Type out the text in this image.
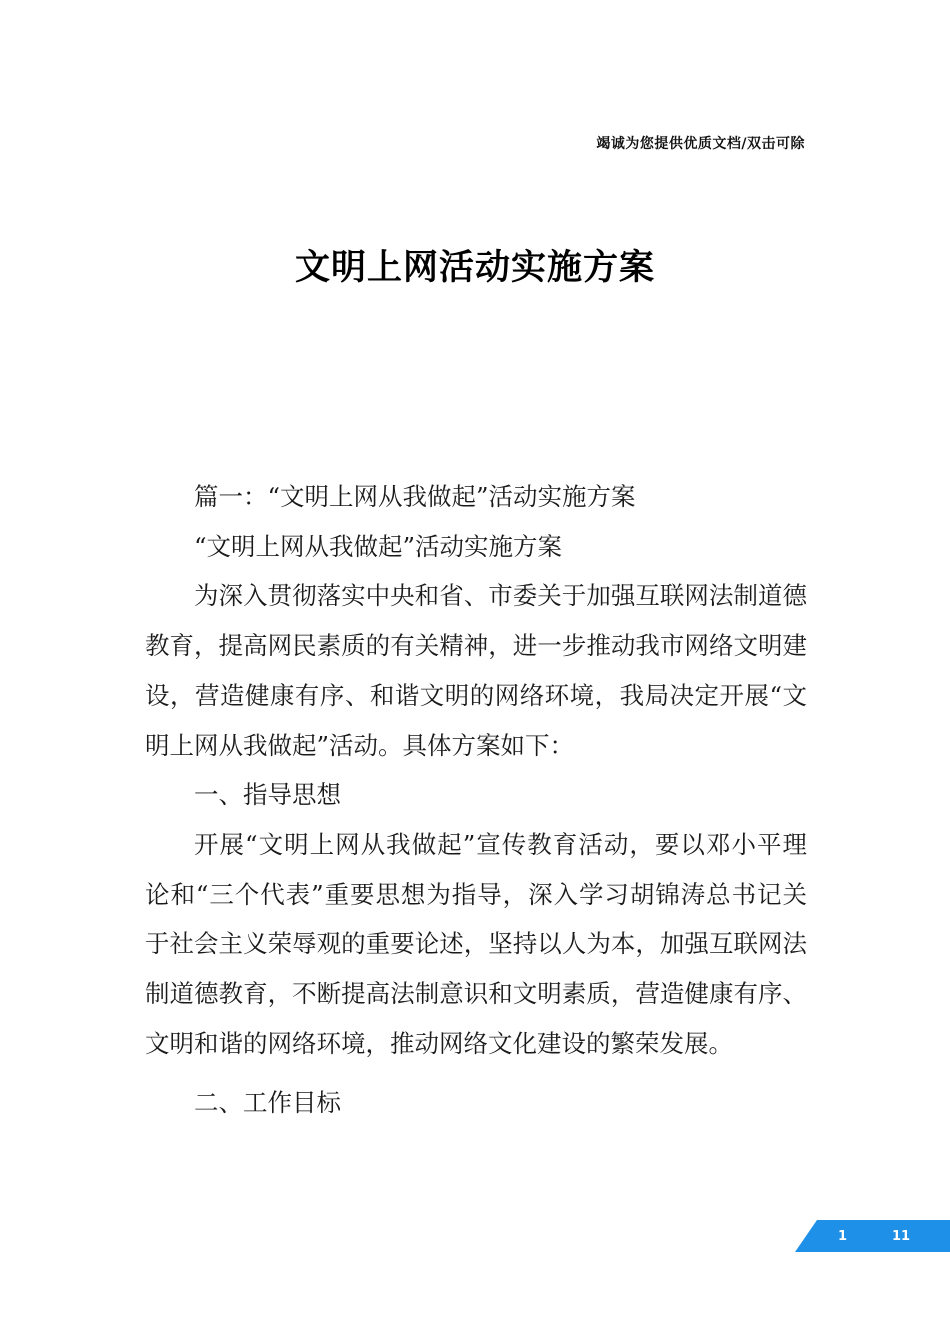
竭诚为您提供优质文档/双击可除
文明上网活动实施方案

篇一：“文明上网从我做起”活动实施方案

“文明上网从我做起”活动实施方案

为深入贯彻落实中央和省、市委关于加强互联网法制道德教育，提高网民素质的有关精神，进一步推动我市网络文明建设，营造健康有序、和谐文明的网络环境，我局决定开展“文明上网从我做起”活动。具体方案如下：

一、指导思想

开展“文明上网从我做起”宣传教育活动，要以邓小平理论和“三个代表”重要思想为指导，深入学习胡锦涛总书记关于社会主义荣辱观的重要论述，坚持以人为本，加强互联网法制道德教育，不断提高法制意识和文明素质，营造健康有序、文明和谐的网络环境，推动网络文化建设的繁荣发展。

二、工作目标

1	11
